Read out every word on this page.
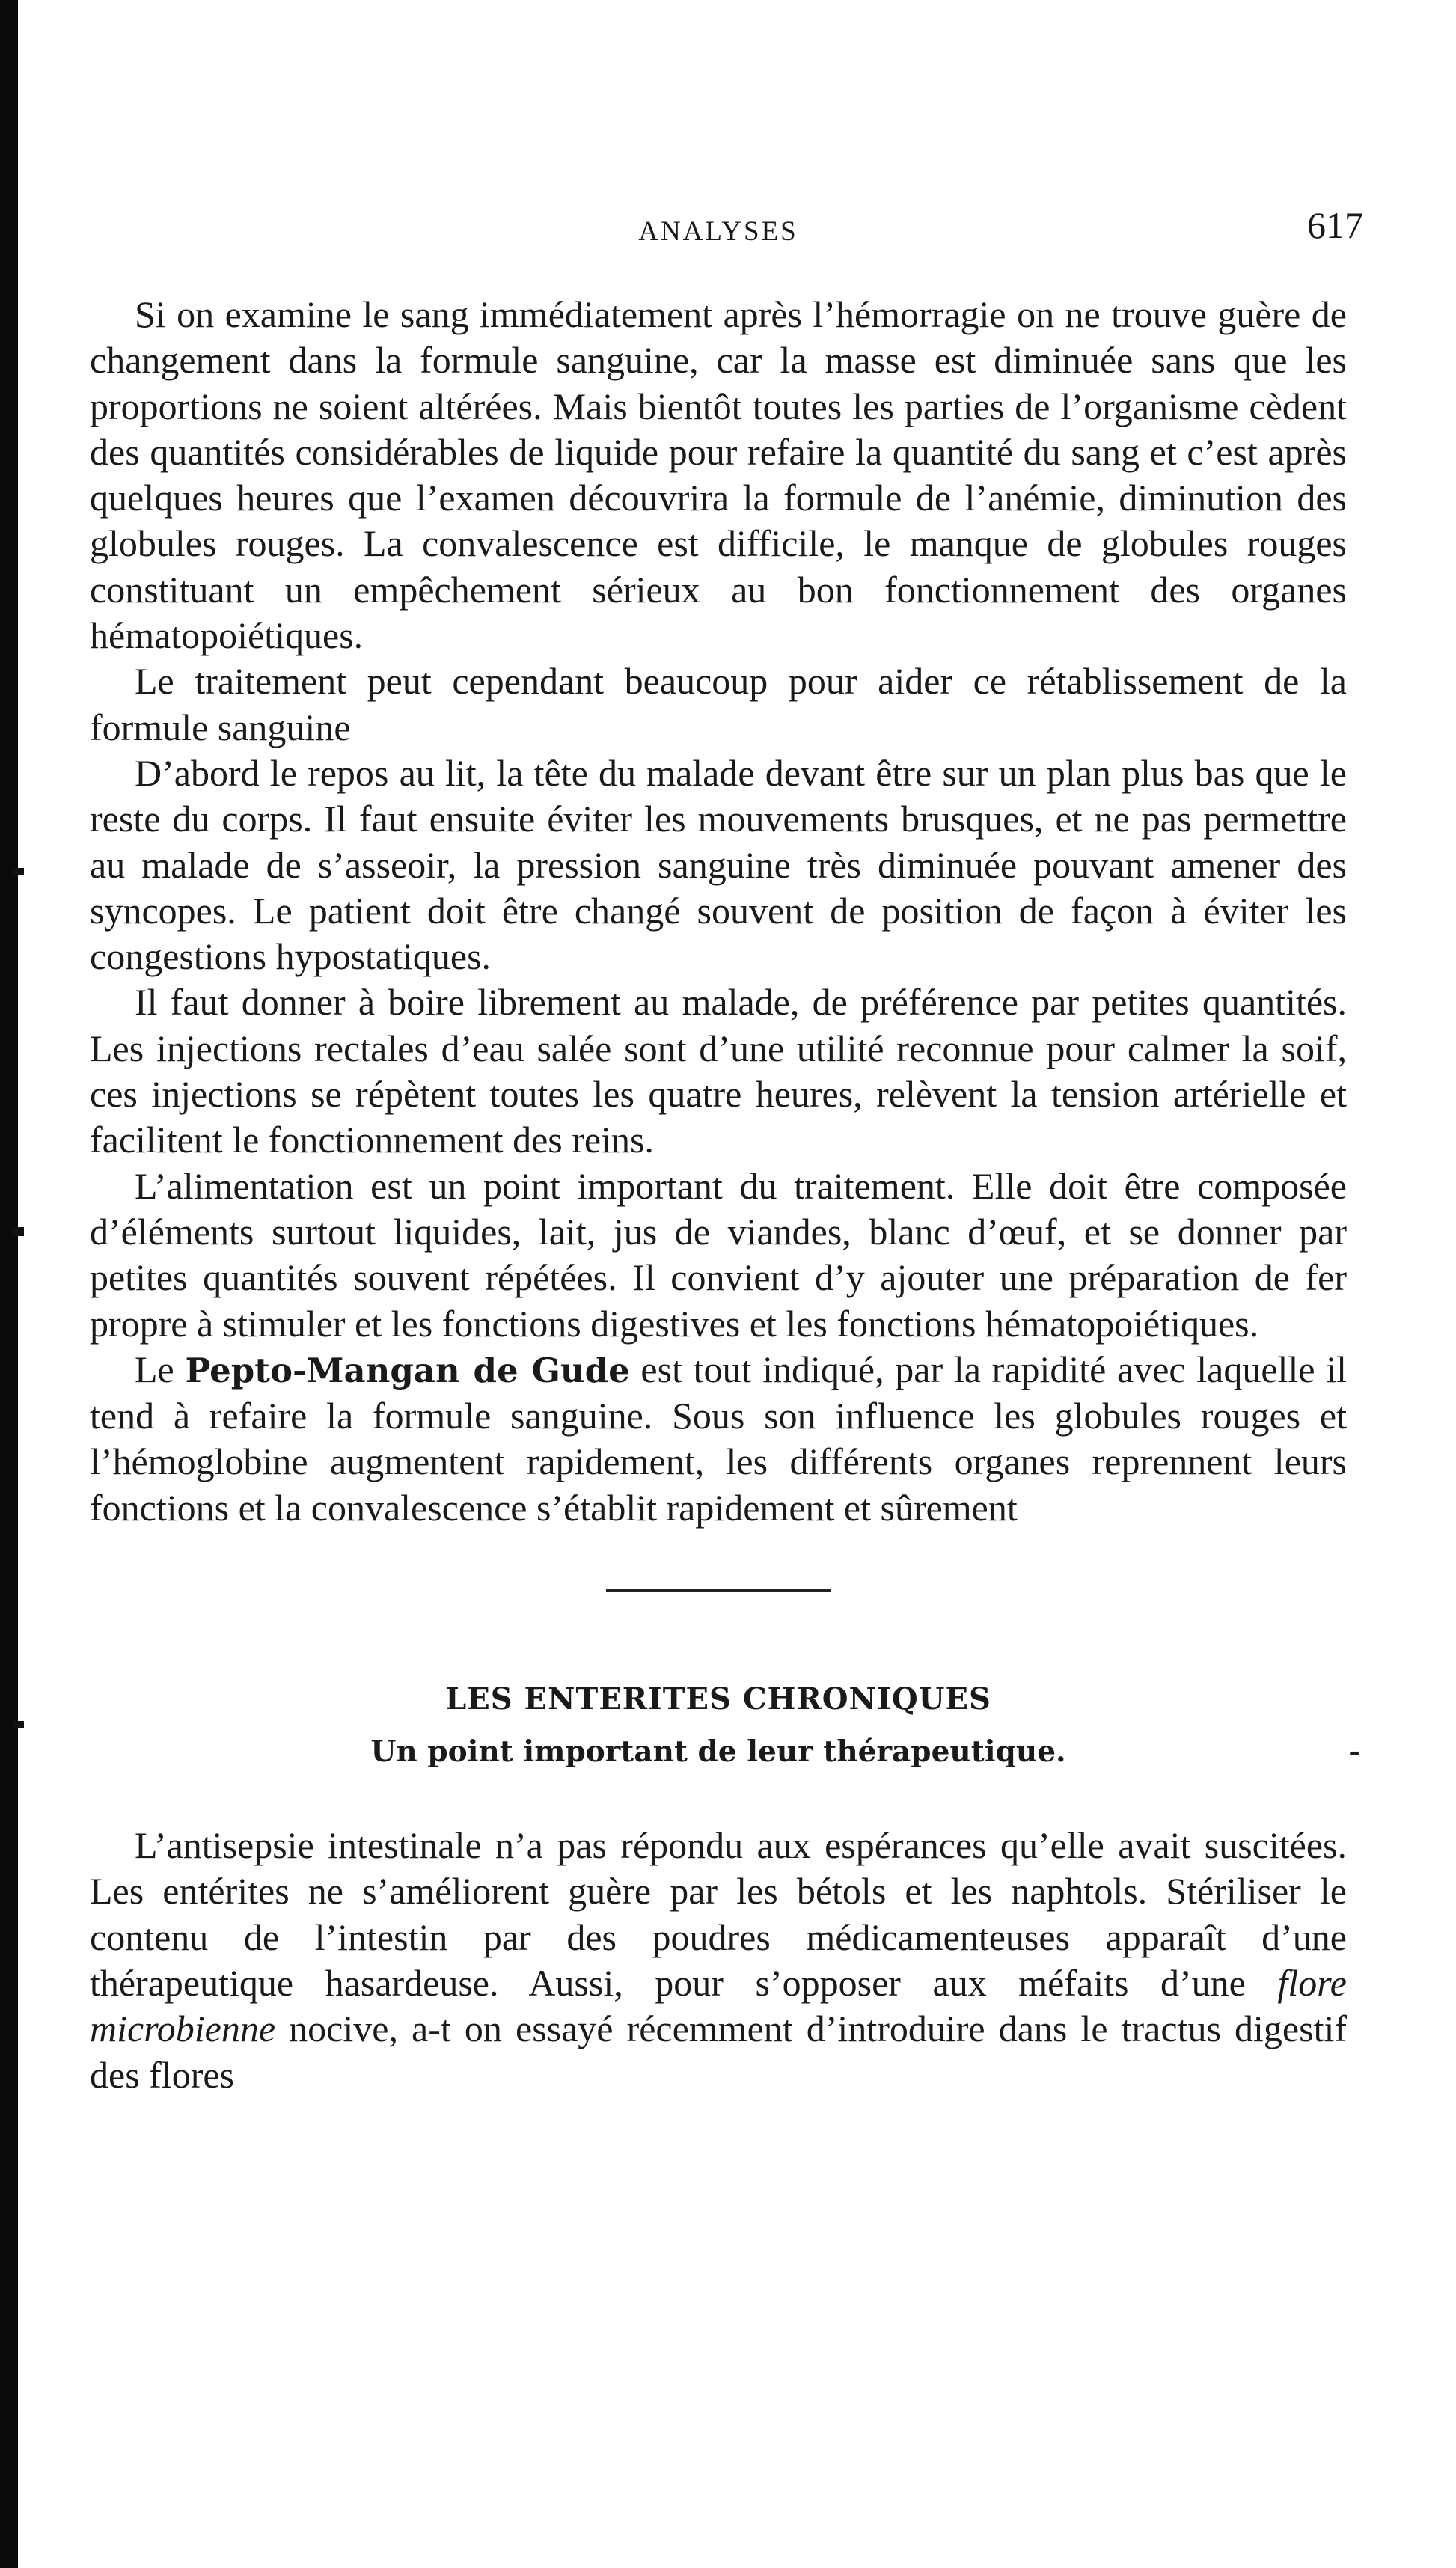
ANALYSES	617

Si on examine le sang immédiatement après l’hémorragie on ne trouve guère de changement dans la formule sanguine, car la masse est diminuée sans que les proportions ne soient altérées. Mais bientôt toutes les parties de l’organisme cèdent des quantités considérables de liquide pour refaire la quantité du sang et c’est après quelques heures que l’examen découvrira la formule de l’anémie, diminution des globules rouges. La convalescence est difficile, le manque de globules rouges constituant un empêchement sérieux au bon fonctionnement des organes hématopoiétiques.

Le traitement peut cependant beaucoup pour aider ce rétablissement de la formule sanguine

D’abord le repos au lit, la tête du malade devant être sur un plan plus bas que le reste du corps. Il faut ensuite éviter les mouvements brusques, et ne pas permettre au malade de s’asseoir, la pression sanguine très diminuée pouvant amener des syncopes. Le patient doit être changé souvent de position de façon à éviter les congestions hypostatiques.

Il faut donner à boire librement au malade, de préférence par petites quantités. Les injections rectales d’eau salée sont d’une utilité reconnue pour calmer la soif, ces injections se répètent toutes les quatre heures, relèvent la tension artérielle et facilitent le fonctionnement des reins.

L’alimentation est un point important du traitement. Elle doit être composée d’éléments surtout liquides, lait, jus de viandes, blanc d’œuf, et se donner par petites quantités souvent répétées. Il convient d’y ajouter une préparation de fer propre à stimuler et les fonctions digestives et les fonctions hématopoiétiques.

Le Pepto-Mangan de Gude est tout indiqué, par la rapidité avec laquelle il tend à refaire la formule sanguine. Sous son influence les globules rouges et l’hémoglobine augmentent rapidement, les différents organes reprennent leurs fonctions et la convalescence s’établit rapidement et sûrement

LES ENTERITES CHRONIQUES
Un point important de leur thérapeutique.	-

L’antisepsie intestinale n’a pas répondu aux espérances qu’elle avait suscitées. Les entérites ne s’améliorent guère par les bétols et les naphtols. Stériliser le contenu de l’intestin par des poudres médicamenteuses apparaît d’une thérapeutique hasardeuse. Aussi, pour s’opposer aux méfaits d’une flore microbienne nocive, a-t on essayé récemment d’introduire dans le tractus digestif des flores
